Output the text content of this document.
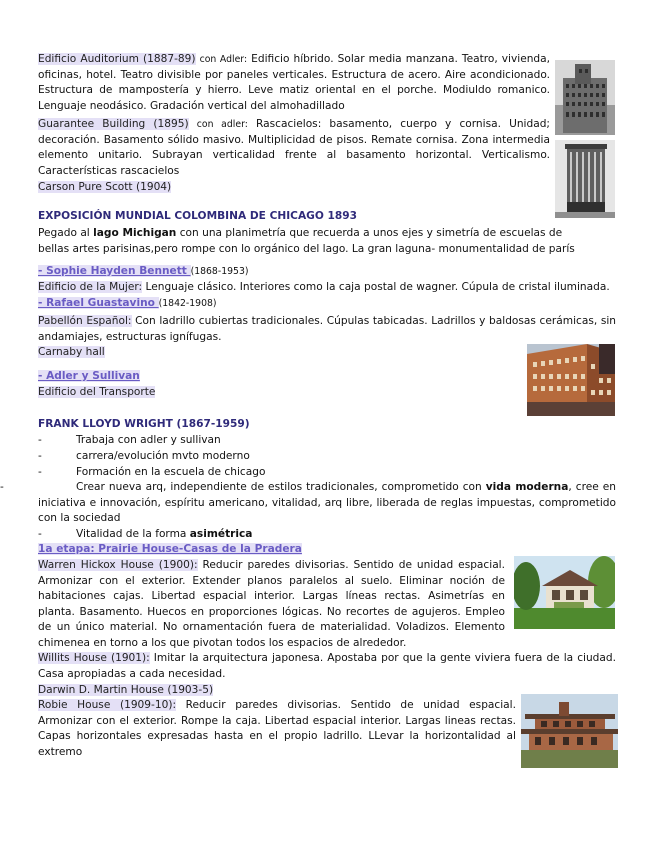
Edificio Auditorium (1887-89) con Adler: Edificio híbrido. Solar media manzana. Teatro, vivienda, oficinas, hotel. Teatro divisible por paneles verticales. Estructura de acero. Aire acondicionado. Estructura de mampostería y hierro. Leve matiz oriental en el porche. Modiuldo romanico. Lenguaje neodásico. Gradación vertical del almohadillado
Guarantee Building (1895) con adler: Rascacielos: basamento, cuerpo y cornisa. Unidad; decoración. Basamento sólido masivo. Multiplicidad de pisos. Remate cornisa. Zona intermedia elemento unitario. Subrayan verticalidad frente al basamento horizontal. Verticalismo. Características rascacielos
Carson Pure Scott (1904)
EXPOSICIÓN MUNDIAL COLOMBINA DE CHICAGO 1893
Pegado al lago Michigan con una planimetría que recuerda a unos ejes y simetría de escuelas de bellas artes parisinas,pero rompe con lo orgánico del lago. La gran laguna- monumentalidad de parís
- Sophie Hayden Bennett (1868-1953)
Edificio de la Mujer: Lenguaje clásico. Interiores como la caja postal de wagner. Cúpula de cristal iluminada.
- Rafael Guastavino (1842-1908)
Pabellón Español: Con ladrillo cubiertas tradicionales. Cúpulas tabicadas. Ladrillos y baldosas cerámicas, sin andamiajes, estructuras ignífugas.
Carnaby hall
- Adler y Sullivan
Edificio del Transporte
FRANK LLOYD WRIGHT (1867-1959)
-	Trabaja con adler y sullivan
-	carrera/evolución mvto moderno
-	Formación en la escuela de chicago
-	Crear nueva arq, independiente de estilos tradicionales, comprometido con vida moderna, cree en iniciativa e innovación, espíritu americano, vitalidad, arq libre, liberada de reglas impuestas, comprometido con la sociedad
-	Vitalidad de la forma asimétrica
1a etapa: Prairie House-Casas de la Pradera
Warren Hickox House (1900): Reducir paredes divisorias. Sentido de unidad espacial. Armonizar con el exterior. Extender planos paralelos al suelo. Eliminar noción de habitaciones cajas. Libertad espacial interior. Largas líneas rectas. Asimetrías en planta. Basamento. Huecos en proporciones lógicas. No recortes de agujeros. Empleo de un único material. No ornamentación fuera de materialidad. Voladizos. Elemento chimenea en torno a los que pivotan todos los espacios de alrededor.
Willits House (1901): Imitar la arquitectura japonesa. Apostaba por que la gente viviera fuera de la ciudad. Casa apropiadas a cada necesidad.
Darwin D. Martin House (1903-5)
Robie House (1909-10): Reducir paredes divisorias. Sentido de unidad espacial. Armonizar con el exterior. Rompe la caja. Libertad espacial interior. Largas lineas rectas. Capas horizontales expresadas hasta en el propio ladrillo. LLevar la horizontalidad al extremo
